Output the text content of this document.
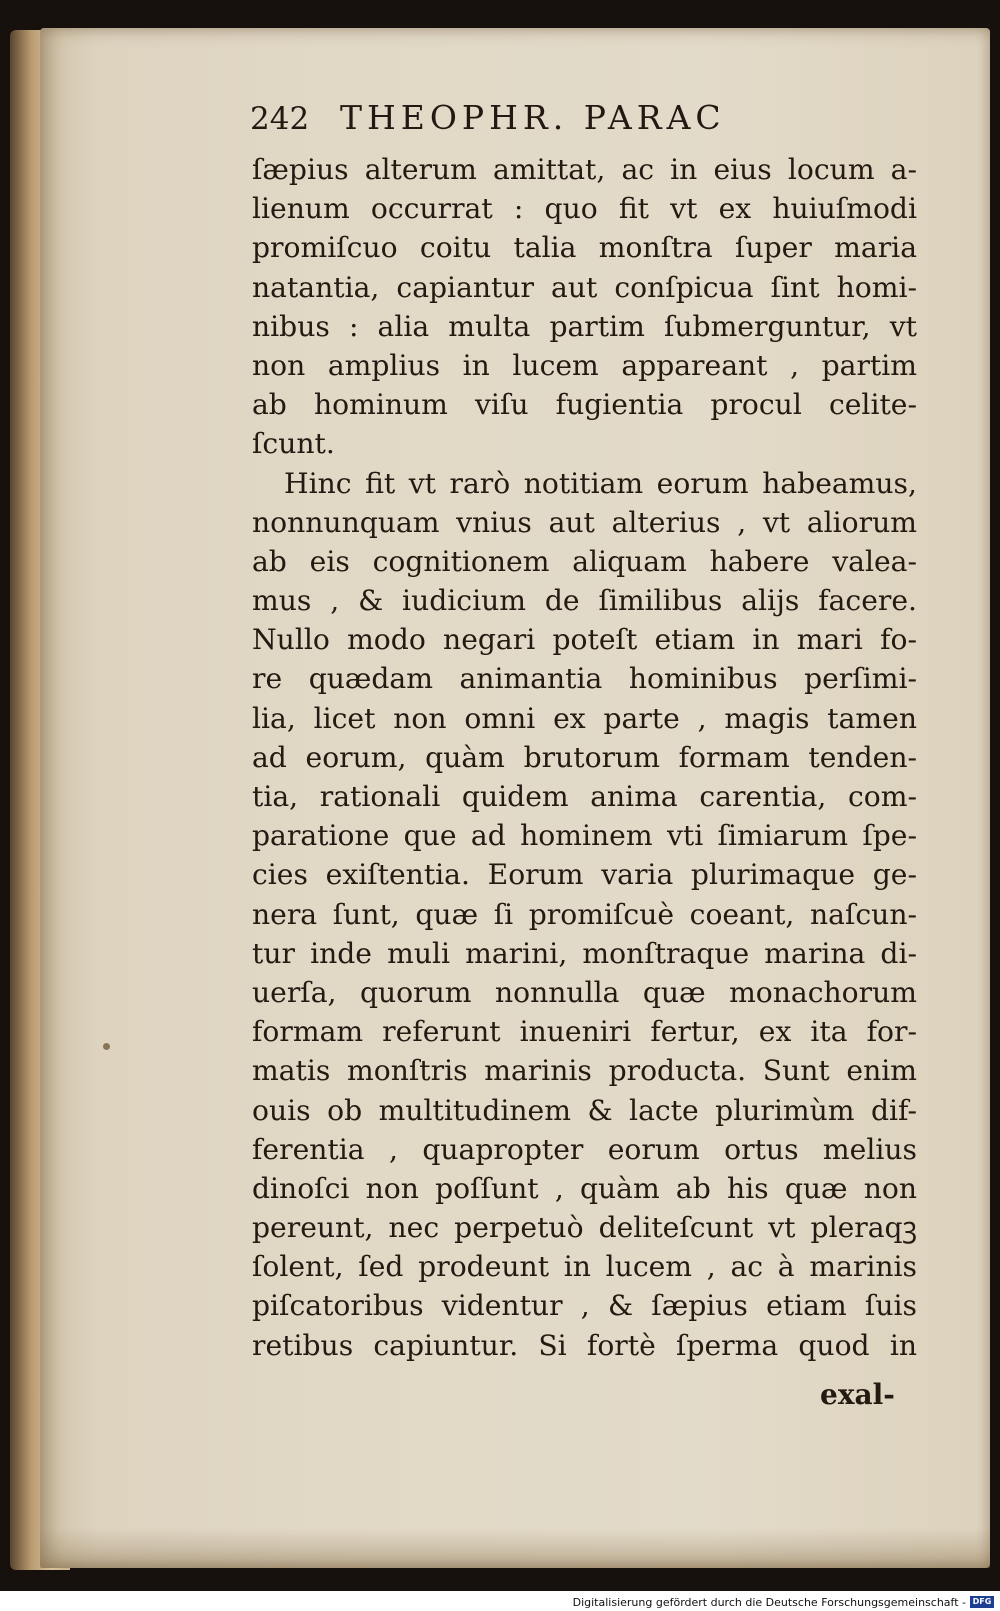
242 THEOPHR. PARAC
ſæpius alterum amittat, ac in eius locum a-
lienum occurrat : quo fit vt ex huiuſmodi
promiſcuo coitu talia monſtra ſuper maria
natantia, capiantur aut conſpicua ſint homi-
nibus : alia multa partim ſubmerguntur, vt
non amplius in lucem appareant , partim
ab hominum viſu fugientia procul celite-
ſcunt.
Hinc fit vt rarò notitiam eorum habeamus,
nonnunquam vnius aut alterius , vt aliorum
ab eis cognitionem aliquam habere valea-
mus , & iudicium de ſimilibus alijs facere.
Nullo modo negari poteſt etiam in mari fo-
re quædam animantia hominibus perſimi-
lia, licet non omni ex parte , magis tamen
ad eorum, quàm brutorum formam tenden-
tia, rationali quidem anima carentia, com-
paratione que ad hominem vti ſimiarum ſpe-
cies exiſtentia. Eorum varia plurimaque ge-
nera ſunt, quæ ſi promiſcuè coeant, naſcun-
tur inde muli marini, monſtraque marina di-
uerſa, quorum nonnulla quæ monachorum
formam referunt inueniri fertur, ex ita for-
matis monſtris marinis producta. Sunt enim
ouis ob multitudinem & lacte plurimùm dif-
ferentia , quapropter eorum ortus melius
dinoſci non poſſunt , quàm ab his quæ non
pereunt, nec perpetuò deliteſcunt vt pleraqꝫ
ſolent, ſed prodeunt in lucem , ac à marinis
piſcatoribus videntur , & ſæpius etiam ſuis
retibus capiuntur. Si fortè ſperma quod in
exal-
Digitalisierung gefördert durch die Deutsche Forschungsgemeinschaft - DFG
